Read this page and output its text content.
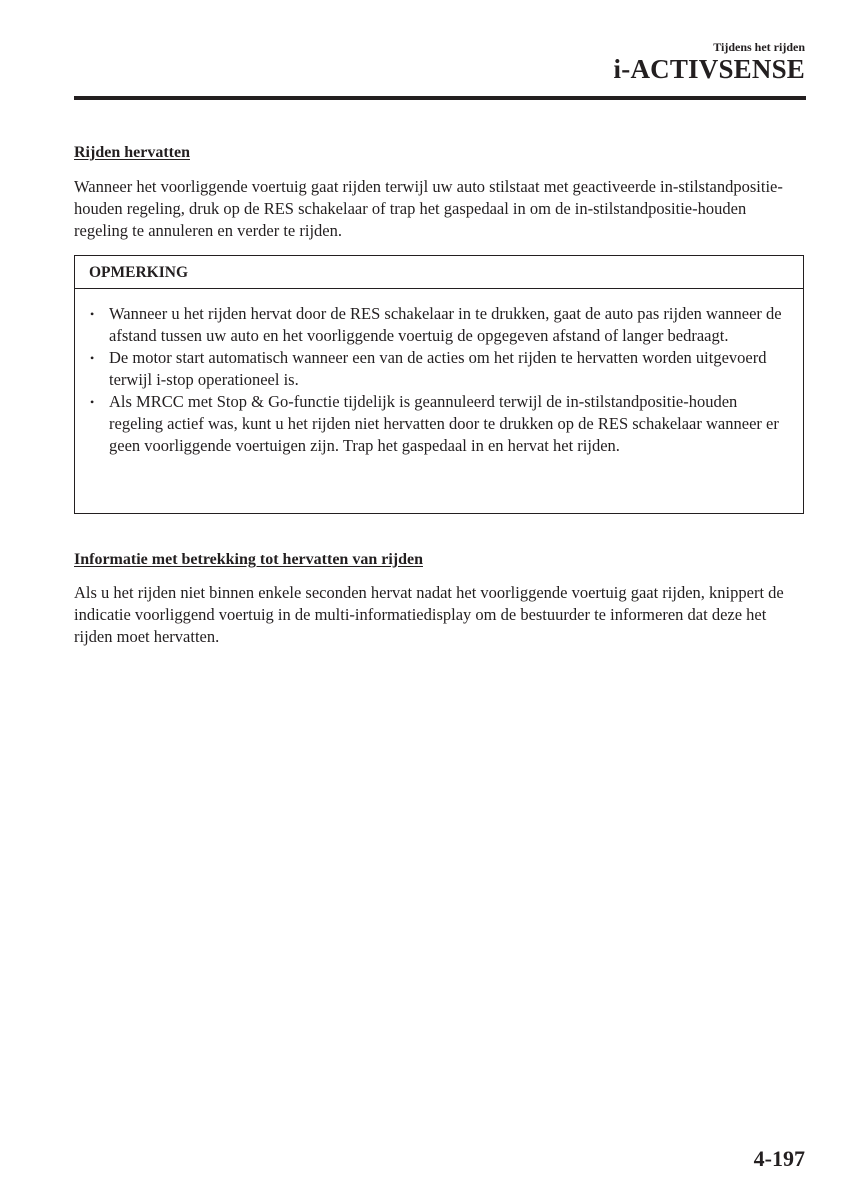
Tijdens het rijden
i-ACTIVSENSE
Rijden hervatten

Wanneer het voorliggende voertuig gaat rijden terwijl uw auto stilstaat met geactiveerde in-stilstandpositie-houden regeling, druk op de RES schakelaar of trap het gaspedaal in om de in-stilstandpositie-houden regeling te annuleren en verder te rijden.

OPMERKING
• Wanneer u het rijden hervat door de RES schakelaar in te drukken, gaat de auto pas rijden wanneer de afstand tussen uw auto en het voorliggende voertuig de opgegeven afstand of langer bedraagt.
• De motor start automatisch wanneer een van de acties om het rijden te hervatten worden uitgevoerd terwijl i-stop operationeel is.
• Als MRCC met Stop & Go-functie tijdelijk is geannuleerd terwijl de in-stilstandpositie-houden regeling actief was, kunt u het rijden niet hervatten door te drukken op de RES schakelaar wanneer er geen voorliggende voertuigen zijn. Trap het gaspedaal in en hervat het rijden.
Informatie met betrekking tot hervatten van rijden

Als u het rijden niet binnen enkele seconden hervat nadat het voorliggende voertuig gaat rijden, knippert de indicatie voorliggend voertuig in de multi-informatiedisplay om de bestuurder te informeren dat deze het rijden moet hervatten.

4-197
